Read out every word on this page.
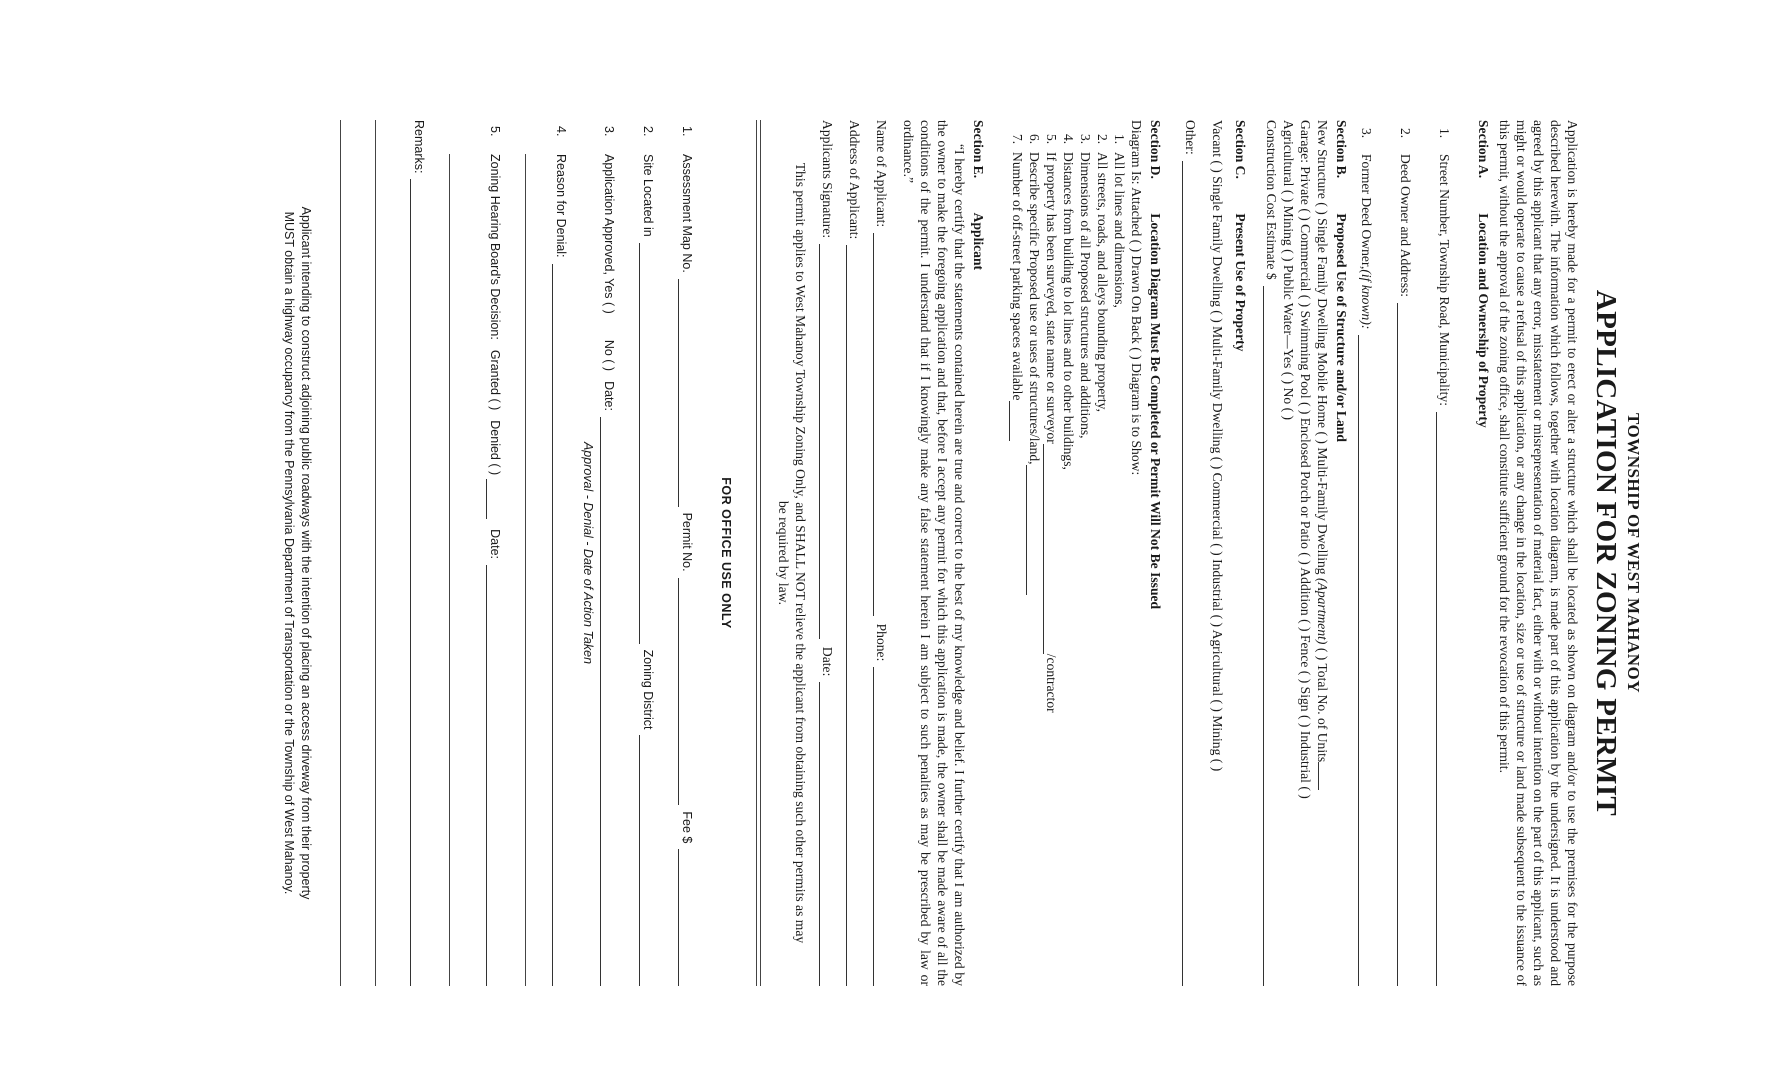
TOWNSHIP OF WEST MAHANOY
APPLICATION FOR ZONING PERMIT

Application is hereby made for a permit to erect or alter a structure which shall be located as shown on diagram and/or to use the premises for the purpose described herewith. The information which follows, together with location diagram, is made part of this application by the undersigned. It is understood and agreed by this applicant that any error, misstatement or misrepresentation of material fact, either with or without intention on the part of this applicant, such as might or would operate to cause a refusal of this application, or any change in the location, size or use of structure or land made subsequent to the issuance of this permit, without the approval of the zoning office, shall constitute sufficient ground for the revocation of this permit.

Section A. Location and Ownership of Property
1.
Street Number, Township Road, Municipality:
2.
Deed Owner and Address:
3.
Former Deed Owner,
(if known):
Section B. Proposed Use of Structure and/or Land
New Structure ( ) Single Family Dwelling Mobile Home ( ) Multi-Family Dwelling (Apartment) ( ) Total No. of Units
Garage: Private ( ) Commercial ( ) Swimming Pool ( ) Enclosed Porch or Patio ( ) Addition ( ) Fence ( ) Sign ( ) Industrial ( )
Agricultural ( ) Mining ( ) Public Water—Yes ( ) No ( )
Construction Cost Estimate $
Section C. Present Use of Property
Vacant ( ) Single Family Dwelling ( ) Multi-Family Dwelling ( ) Commercial ( ) Industrial ( ) Agricultural ( ) Mining ( )
Other:
Section D. Location Diagram Must Be Completed or Permit Will Not Be Issued
Diagram Is: Attached ( ) Drawn On Back ( ) Diagram is to Show:
1.
All lot lines and dimensions,
2.
All streets, roads, and alleys bounding property,
3.
Dimensions of all Proposed structures and additions,
4.
Distances from building to lot lines and to other buildings,
5.
If property has been surveyed, state name or surveyor
/contractor
6.
Describe specific Proposed use or uses of structures/land,
7.
Number of off-street parking spaces available
Section E. Applicant

“I hereby certify that the statements contained herein are true and correct to the best of my knowledge and belief. I further certify that I am authorized by the owner to make the foregoing application and that, before I accept any permit for which this application is made, the owner shall be made aware of all the conditions of the permit. I understand that if I knowingly make any false statement herein I am subject to such penalties as may be prescribed by law or ordinance.”

Name of Applicant:
Phone:
Address of Applicant:
Applicants Signature:
Date:
This permit applies to West Mahanoy Township Zoning Only, and SHALL NOT relieve the applicant from obtaining such other permits as may be required by law.
FOR OFFICE USE ONLY
1.
Assessment Map No.
Permit No.
Fee $
2.
Site Located in
Zoning District
3.
Application Approved, Yes ( )
No ( )
Date:
Approval - Denial - Date of Action Taken
4.
Reason for Denial:
5.
Zoning Hearing Board's Decision:
Granted ( )
Denied ( )
Date:
Remarks:
Applicant intending to construct adjoining public roadways with the intention of placing an access driveway from their property
MUST obtain a highway occupancy from the Pennsylvania Department of Transportation or the Township of West Mahanoy.
